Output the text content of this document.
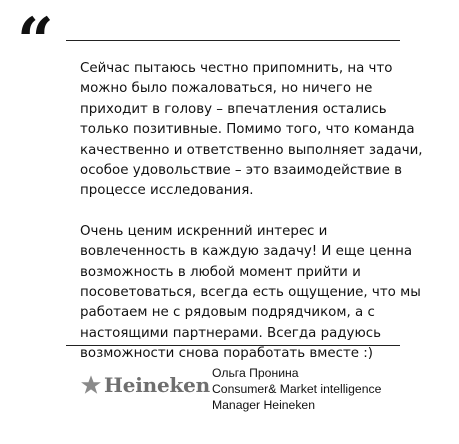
“	Сейчас пытаюсь честно припомнить, на что можно было пожаловаться, но ничего не приходит в голову – впечатления остались только позитивные. Помимо того, что команда качественно и ответственно выполняет задачи, особое удовольствие – это взаимодействие в процессе исследования.

Очень ценим искренний интерес и вовлеченность в каждую задачу! И еще ценна возможность в любой момент прийти и посоветоваться, всегда есть ощущение, что мы работаем не с рядовым подрядчиком, а с настоящими партнерами. Всегда радуюсь возможности снова поработать вместе :)

Heineken Ольга Пронина
Consumer& Market intelligence
Manager Heineken
